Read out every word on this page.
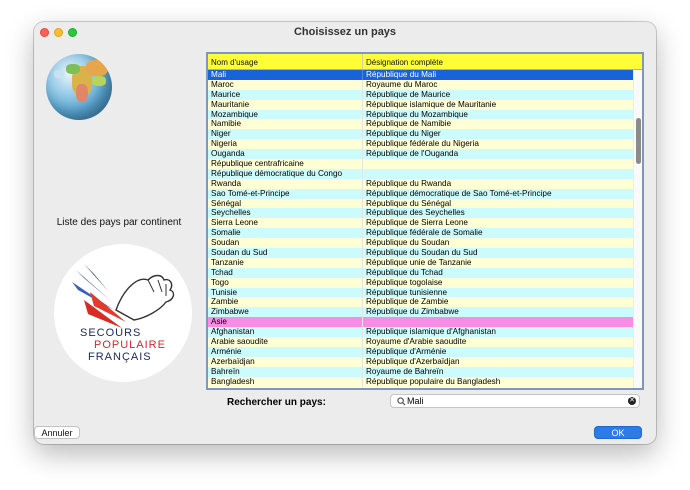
Choisissez un pays
Liste des pays par continent
SECOURS
POPULAIRE
FRANÇAIS
Nom d'usage	Désignation complète
Mali	République du Mali
Maroc	Royaume du Maroc
Maurice	République de Maurice
Mauritanie	République islamique de Mauritanie
Mozambique	République du Mozambique
Namibie	République de Namibie
Niger	République du Niger
Nigeria	République fédérale du Nigeria
Ouganda	République de l'Ouganda
République centrafricaine
République démocratique du Congo
Rwanda	République du Rwanda
Sao Tomé-et-Principe	République démocratique de Sao Tomé-et-Principe
Sénégal	République du Sénégal
Seychelles	République des Seychelles
Sierra Leone	République de Sierra Leone
Somalie	République fédérale de Somalie
Soudan	République du Soudan
Soudan du Sud	République du Soudan du Sud
Tanzanie	République unie de Tanzanie
Tchad	République du Tchad
Togo	République togolaise
Tunisie	République tunisienne
Zambie	République de Zambie
Zimbabwe	République du Zimbabwe
Asie
Afghanistan	République islamique d'Afghanistan
Arabie saoudite	Royaume d'Arabie saoudite
Arménie	République d'Arménie
Azerbaïdjan	République d'Azerbaïdjan
Bahreïn	Royaume de Bahreïn
Bangladesh	République populaire du Bangladesh
Rechercher un pays:	Mali	✕
Annuler	OK
